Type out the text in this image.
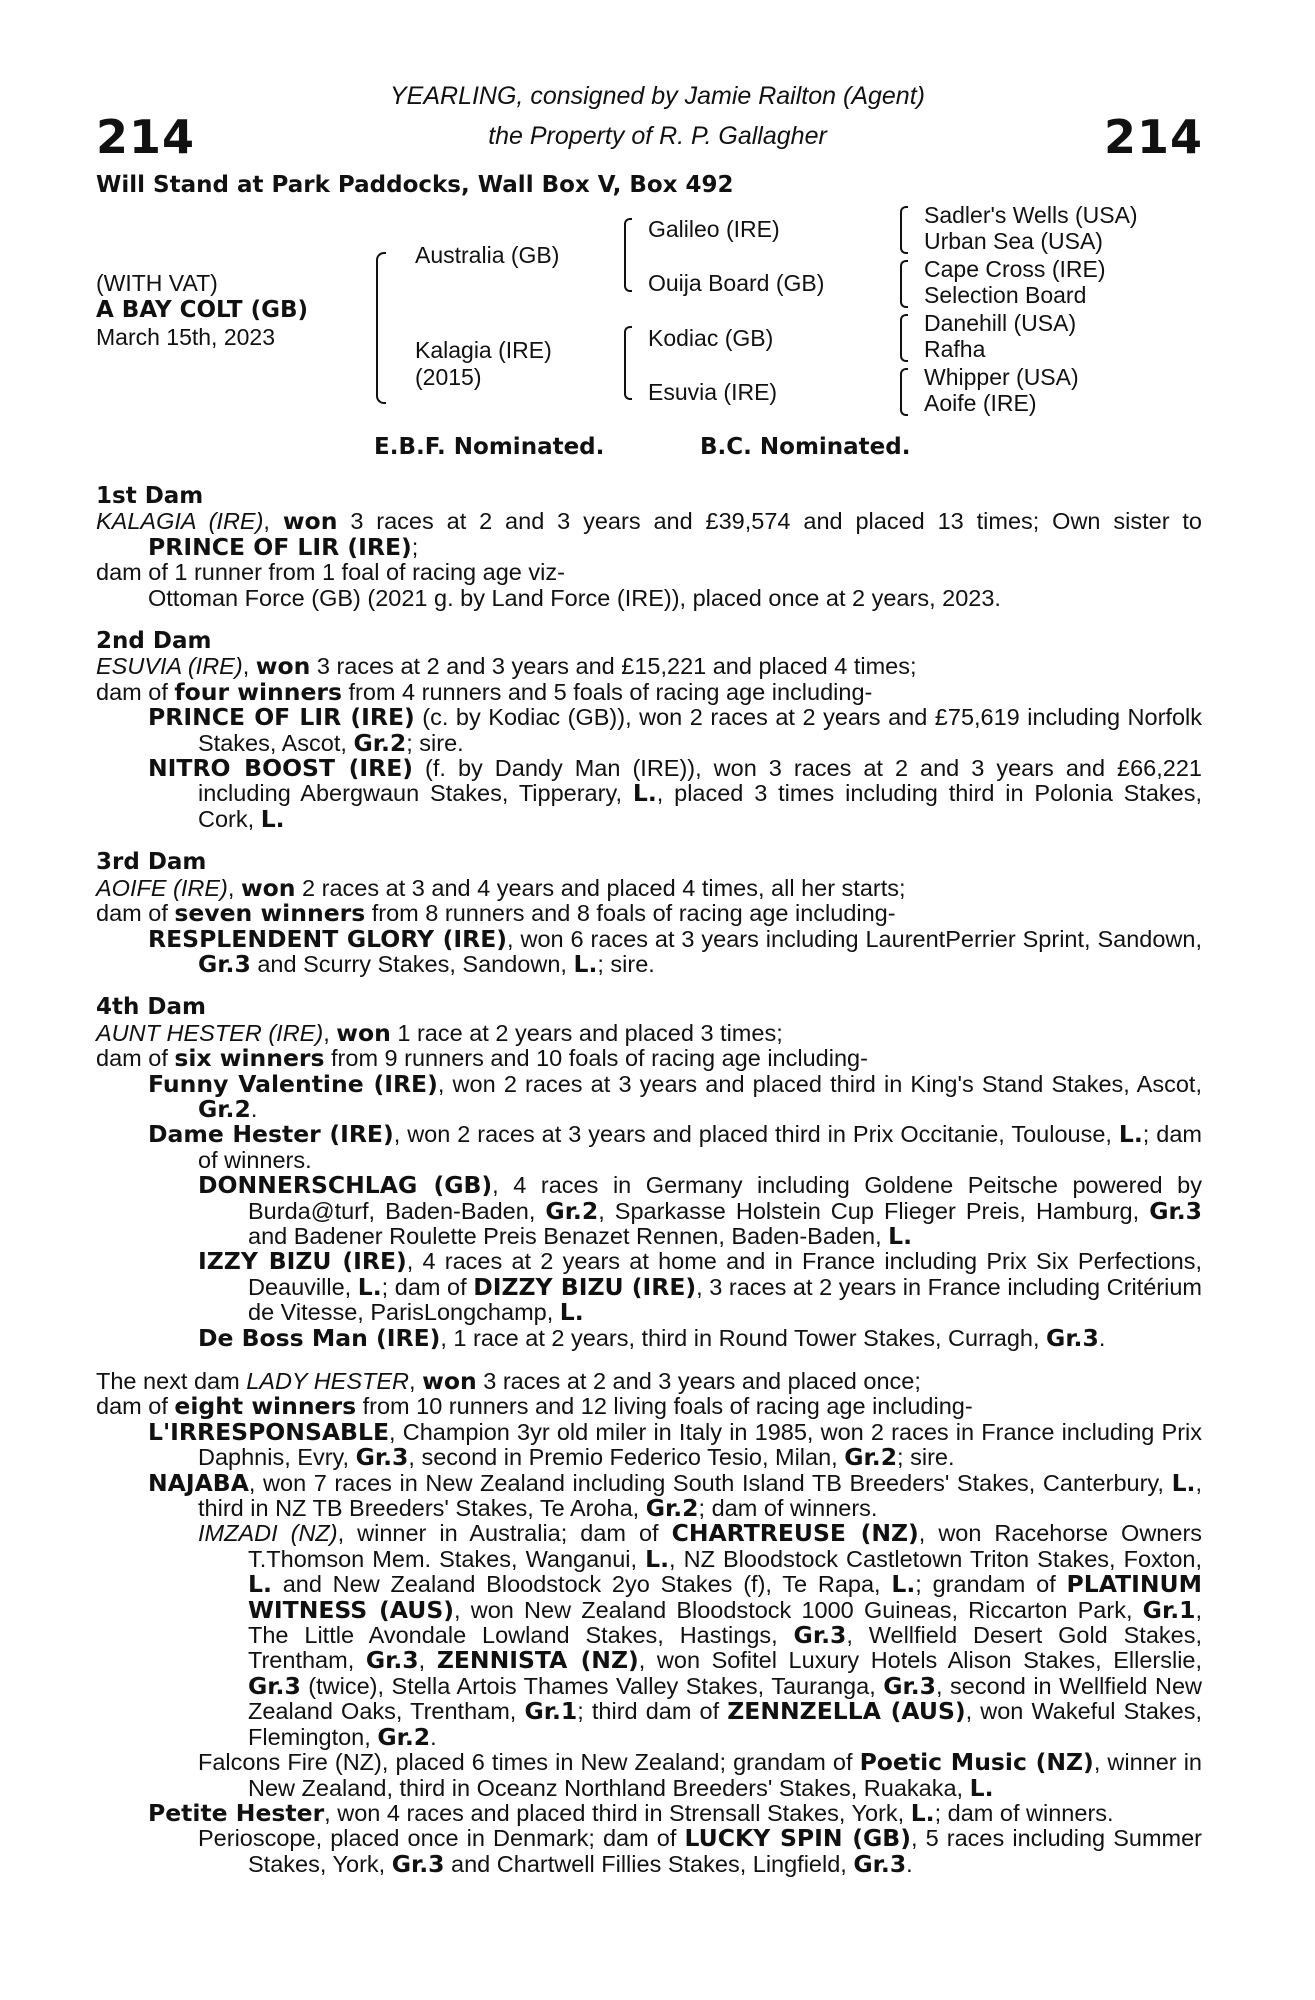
214	214
YEARLING, consigned by Jamie Railton (Agent)
the Property of R. P. Gallagher
Will Stand at Park Paddocks, Wall Box V, Box 492
(WITH VAT)
A BAY COLT (GB)
March 15th, 2023
Australia (GB)
Kalagia (IRE)
(2015)
Galileo (IRE)
Ouija Board (GB)
Kodiac (GB)
Esuvia (IRE)
Sadler's Wells (USA)
Urban Sea (USA)
Cape Cross (IRE)
Selection Board
Danehill (USA)
Rafha
Whipper (USA)
Aoife (IRE)
E.B.F. Nominated.	B.C. Nominated.

1st Dam

KALAGIA (IRE), won 3 races at 2 and 3 years and £39,574 and placed 13 times; Own sister to PRINCE OF LIR (IRE);

dam of 1 runner from 1 foal of racing age viz-

Ottoman Force (GB) (2021 g. by Land Force (IRE)), placed once at 2 years, 2023.

2nd Dam

ESUVIA (IRE), won 3 races at 2 and 3 years and £15,221 and placed 4 times;

dam of four winners from 4 runners and 5 foals of racing age including-

PRINCE OF LIR (IRE) (c. by Kodiac (GB)), won 2 races at 2 years and £75,619 including Norfolk Stakes, Ascot, Gr.2; sire.

NITRO BOOST (IRE) (f. by Dandy Man (IRE)), won 3 races at 2 and 3 years and £66,221 including Abergwaun Stakes, Tipperary, L., placed 3 times including third in Polonia Stakes, Cork, L.

3rd Dam

AOIFE (IRE), won 2 races at 3 and 4 years and placed 4 times, all her starts;

dam of seven winners from 8 runners and 8 foals of racing age including-

RESPLENDENT GLORY (IRE), won 6 races at 3 years including LaurentPerrier Sprint, Sandown, Gr.3 and Scurry Stakes, Sandown, L.; sire.

4th Dam

AUNT HESTER (IRE), won 1 race at 2 years and placed 3 times;

dam of six winners from 9 runners and 10 foals of racing age including-

Funny Valentine (IRE), won 2 races at 3 years and placed third in King's Stand Stakes, Ascot, Gr.2.

Dame Hester (IRE), won 2 races at 3 years and placed third in Prix Occitanie, Toulouse, L.; dam of winners.

DONNERSCHLAG (GB), 4 races in Germany including Goldene Peitsche powered by Burda@turf, Baden-Baden, Gr.2, Sparkasse Holstein Cup Flieger Preis, Hamburg, Gr.3 and Badener Roulette Preis Benazet Rennen, Baden-Baden, L.

IZZY BIZU (IRE), 4 races at 2 years at home and in France including Prix Six Perfections, Deauville, L.; dam of DIZZY BIZU (IRE), 3 races at 2 years in France including Critérium de Vitesse, ParisLongchamp, L.

De Boss Man (IRE), 1 race at 2 years, third in Round Tower Stakes, Curragh, Gr.3.

The next dam LADY HESTER, won 3 races at 2 and 3 years and placed once;

dam of eight winners from 10 runners and 12 living foals of racing age including-

L'IRRESPONSABLE, Champion 3yr old miler in Italy in 1985, won 2 races in France including Prix Daphnis, Evry, Gr.3, second in Premio Federico Tesio, Milan, Gr.2; sire.

NAJABA, won 7 races in New Zealand including South Island TB Breeders' Stakes, Canterbury, L., third in NZ TB Breeders' Stakes, Te Aroha, Gr.2; dam of winners.

IMZADI (NZ), winner in Australia; dam of CHARTREUSE (NZ), won Racehorse Owners T.Thomson Mem. Stakes, Wanganui, L., NZ Bloodstock Castletown Triton Stakes, Foxton, L. and New Zealand Bloodstock 2yo Stakes (f), Te Rapa, L.; grandam of PLATINUM WITNESS (AUS), won New Zealand Bloodstock 1000 Guineas, Riccarton Park, Gr.1, The Little Avondale Lowland Stakes, Hastings, Gr.3, Wellfield Desert Gold Stakes, Trentham, Gr.3, ZENNISTA (NZ), won Sofitel Luxury Hotels Alison Stakes, Ellerslie, Gr.3 (twice), Stella Artois Thames Valley Stakes, Tauranga, Gr.3, second in Wellfield New Zealand Oaks, Trentham, Gr.1; third dam of ZENNZELLA (AUS), won Wakeful Stakes, Flemington, Gr.2.

Falcons Fire (NZ), placed 6 times in New Zealand; grandam of Poetic Music (NZ), winner in New Zealand, third in Oceanz Northland Breeders' Stakes, Ruakaka, L.

Petite Hester, won 4 races and placed third in Strensall Stakes, York, L.; dam of winners.

Perioscope, placed once in Denmark; dam of LUCKY SPIN (GB), 5 races including Summer Stakes, York, Gr.3 and Chartwell Fillies Stakes, Lingfield, Gr.3.
